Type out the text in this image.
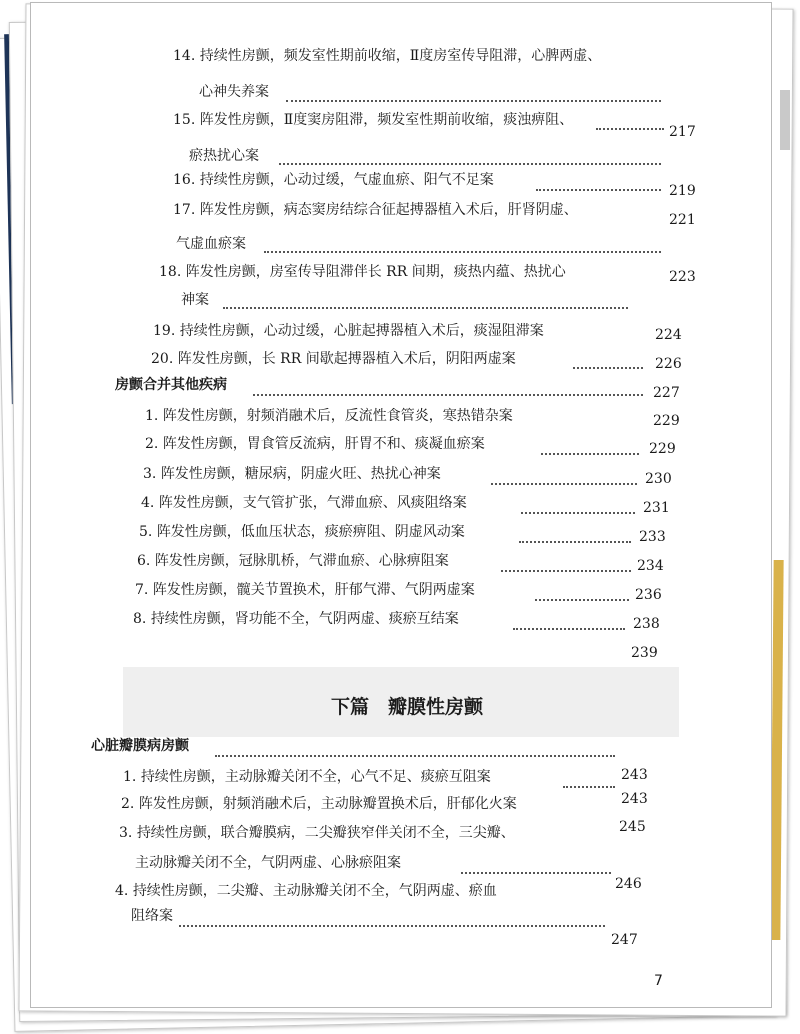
14. 持续性房颤，频发室性期前收缩，Ⅱ度房室传导阻滞，心脾两虚、
心神失养案
217
15. 阵发性房颤，Ⅱ度窦房阻滞，频发室性期前收缩，痰浊痹阻、
瘀热扰心案
219
16. 持续性房颤，心动过缓，气虚血瘀、阳气不足案
221
17. 阵发性房颤，病态窦房结综合征起搏器植入术后，肝肾阴虚、
气虚血瘀案
223
18. 阵发性房颤，房室传导阻滞伴长 RR 间期，痰热内蕴、热扰心
神案
224
19. 持续性房颤，心动过缓，心脏起搏器植入术后，痰湿阻滞案
226
20. 阵发性房颤，长 RR 间歇起搏器植入术后，阴阳两虚案
227
房颤合并其他疾病
229
1. 阵发性房颤，射频消融术后，反流性食管炎，寒热错杂案
229
2. 阵发性房颤，胃食管反流病，肝胃不和、痰凝血瘀案
230
3. 阵发性房颤，糖尿病，阴虚火旺、热扰心神案
231
4. 阵发性房颤，支气管扩张，气滞血瘀、风痰阻络案
233
5. 阵发性房颤，低血压状态，痰瘀痹阻、阴虚风动案
234
6. 阵发性房颤，冠脉肌桥，气滞血瘀、心脉痹阻案
236
7. 阵发性房颤，髋关节置换术，肝郁气滞、气阴两虚案
238
8. 持续性房颤，肾功能不全，气阴两虚、痰瘀互结案
239
下篇　瓣膜性房颤
心脏瓣膜病房颤
243
1. 持续性房颤，主动脉瓣关闭不全，心气不足、痰瘀互阻案
243
2. 阵发性房颤，射频消融术后，主动脉瓣置换术后，肝郁化火案
245
3. 持续性房颤，联合瓣膜病，二尖瓣狭窄伴关闭不全，三尖瓣、
主动脉瓣关闭不全，气阴两虚、心脉瘀阻案
246
4. 持续性房颤，二尖瓣、主动脉瓣关闭不全，气阴两虚、瘀血
阻络案
247
7
